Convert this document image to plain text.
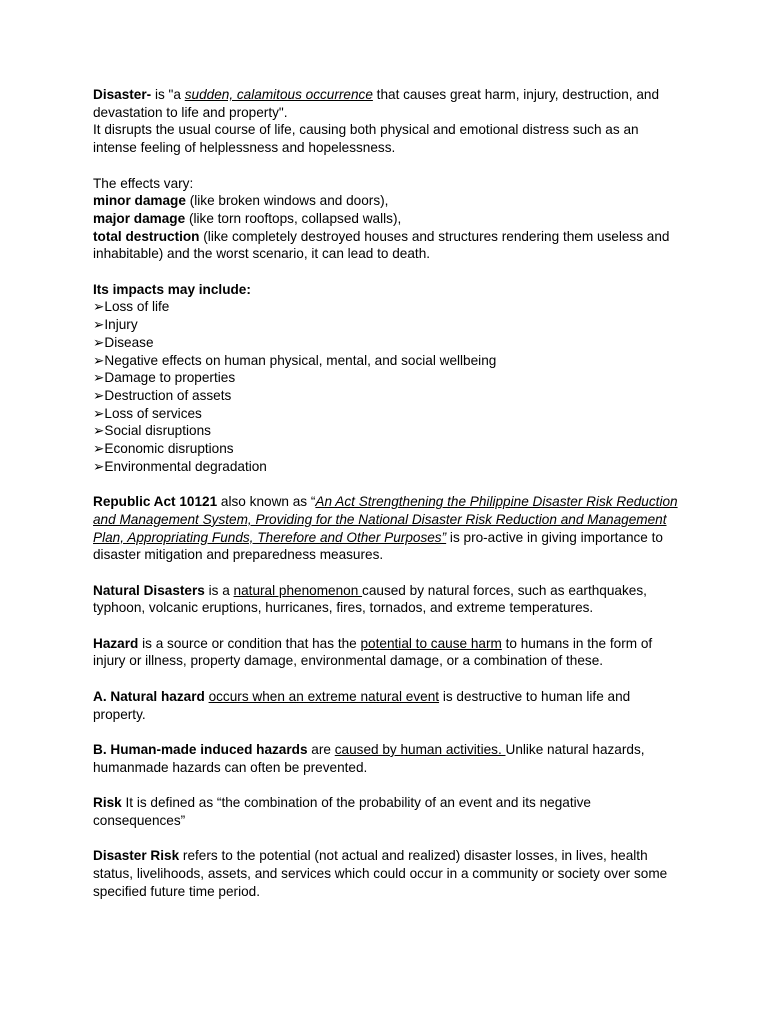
Disaster- is "a sudden, calamitous occurrence that causes great harm, injury, destruction, and devastation to life and property".

It disrupts the usual course of life, causing both physical and emotional distress such as an intense feeling of helplessness and hopelessness.

The effects vary:

minor damage (like broken windows and doors),

major damage (like torn rooftops, collapsed walls),

total destruction (like completely destroyed houses and structures rendering them useless and inhabitable) and the worst scenario, it can lead to death.

Its impacts may include:

➢Loss of life

➢Injury

➢Disease

➢Negative effects on human physical, mental, and social wellbeing

➢Damage to properties

➢Destruction of assets

➢Loss of services

➢Social disruptions

➢Economic disruptions

➢Environmental degradation

Republic Act 10121 also known as “An Act Strengthening the Philippine Disaster Risk Reduction and Management System, Providing for the National Disaster Risk Reduction and Management Plan, Appropriating Funds, Therefore and Other Purposes” is pro-active in giving importance to disaster mitigation and preparedness measures.

Natural Disasters is a natural phenomenon caused by natural forces, such as earthquakes, typhoon, volcanic eruptions, hurricanes, fires, tornados, and extreme temperatures.

Hazard is a source or condition that has the potential to cause harm to humans in the form of injury or illness, property damage, environmental damage, or a combination of these.

A. Natural hazard occurs when an extreme natural event is destructive to human life and property.

B. Human-made induced hazards are caused by human activities. Unlike natural hazards, humanmade hazards can often be prevented.

Risk It is defined as “the combination of the probability of an event and its negative consequences”

Disaster Risk refers to the potential (not actual and realized) disaster losses, in lives, health status, livelihoods, assets, and services which could occur in a community or society over some specified future time period.
